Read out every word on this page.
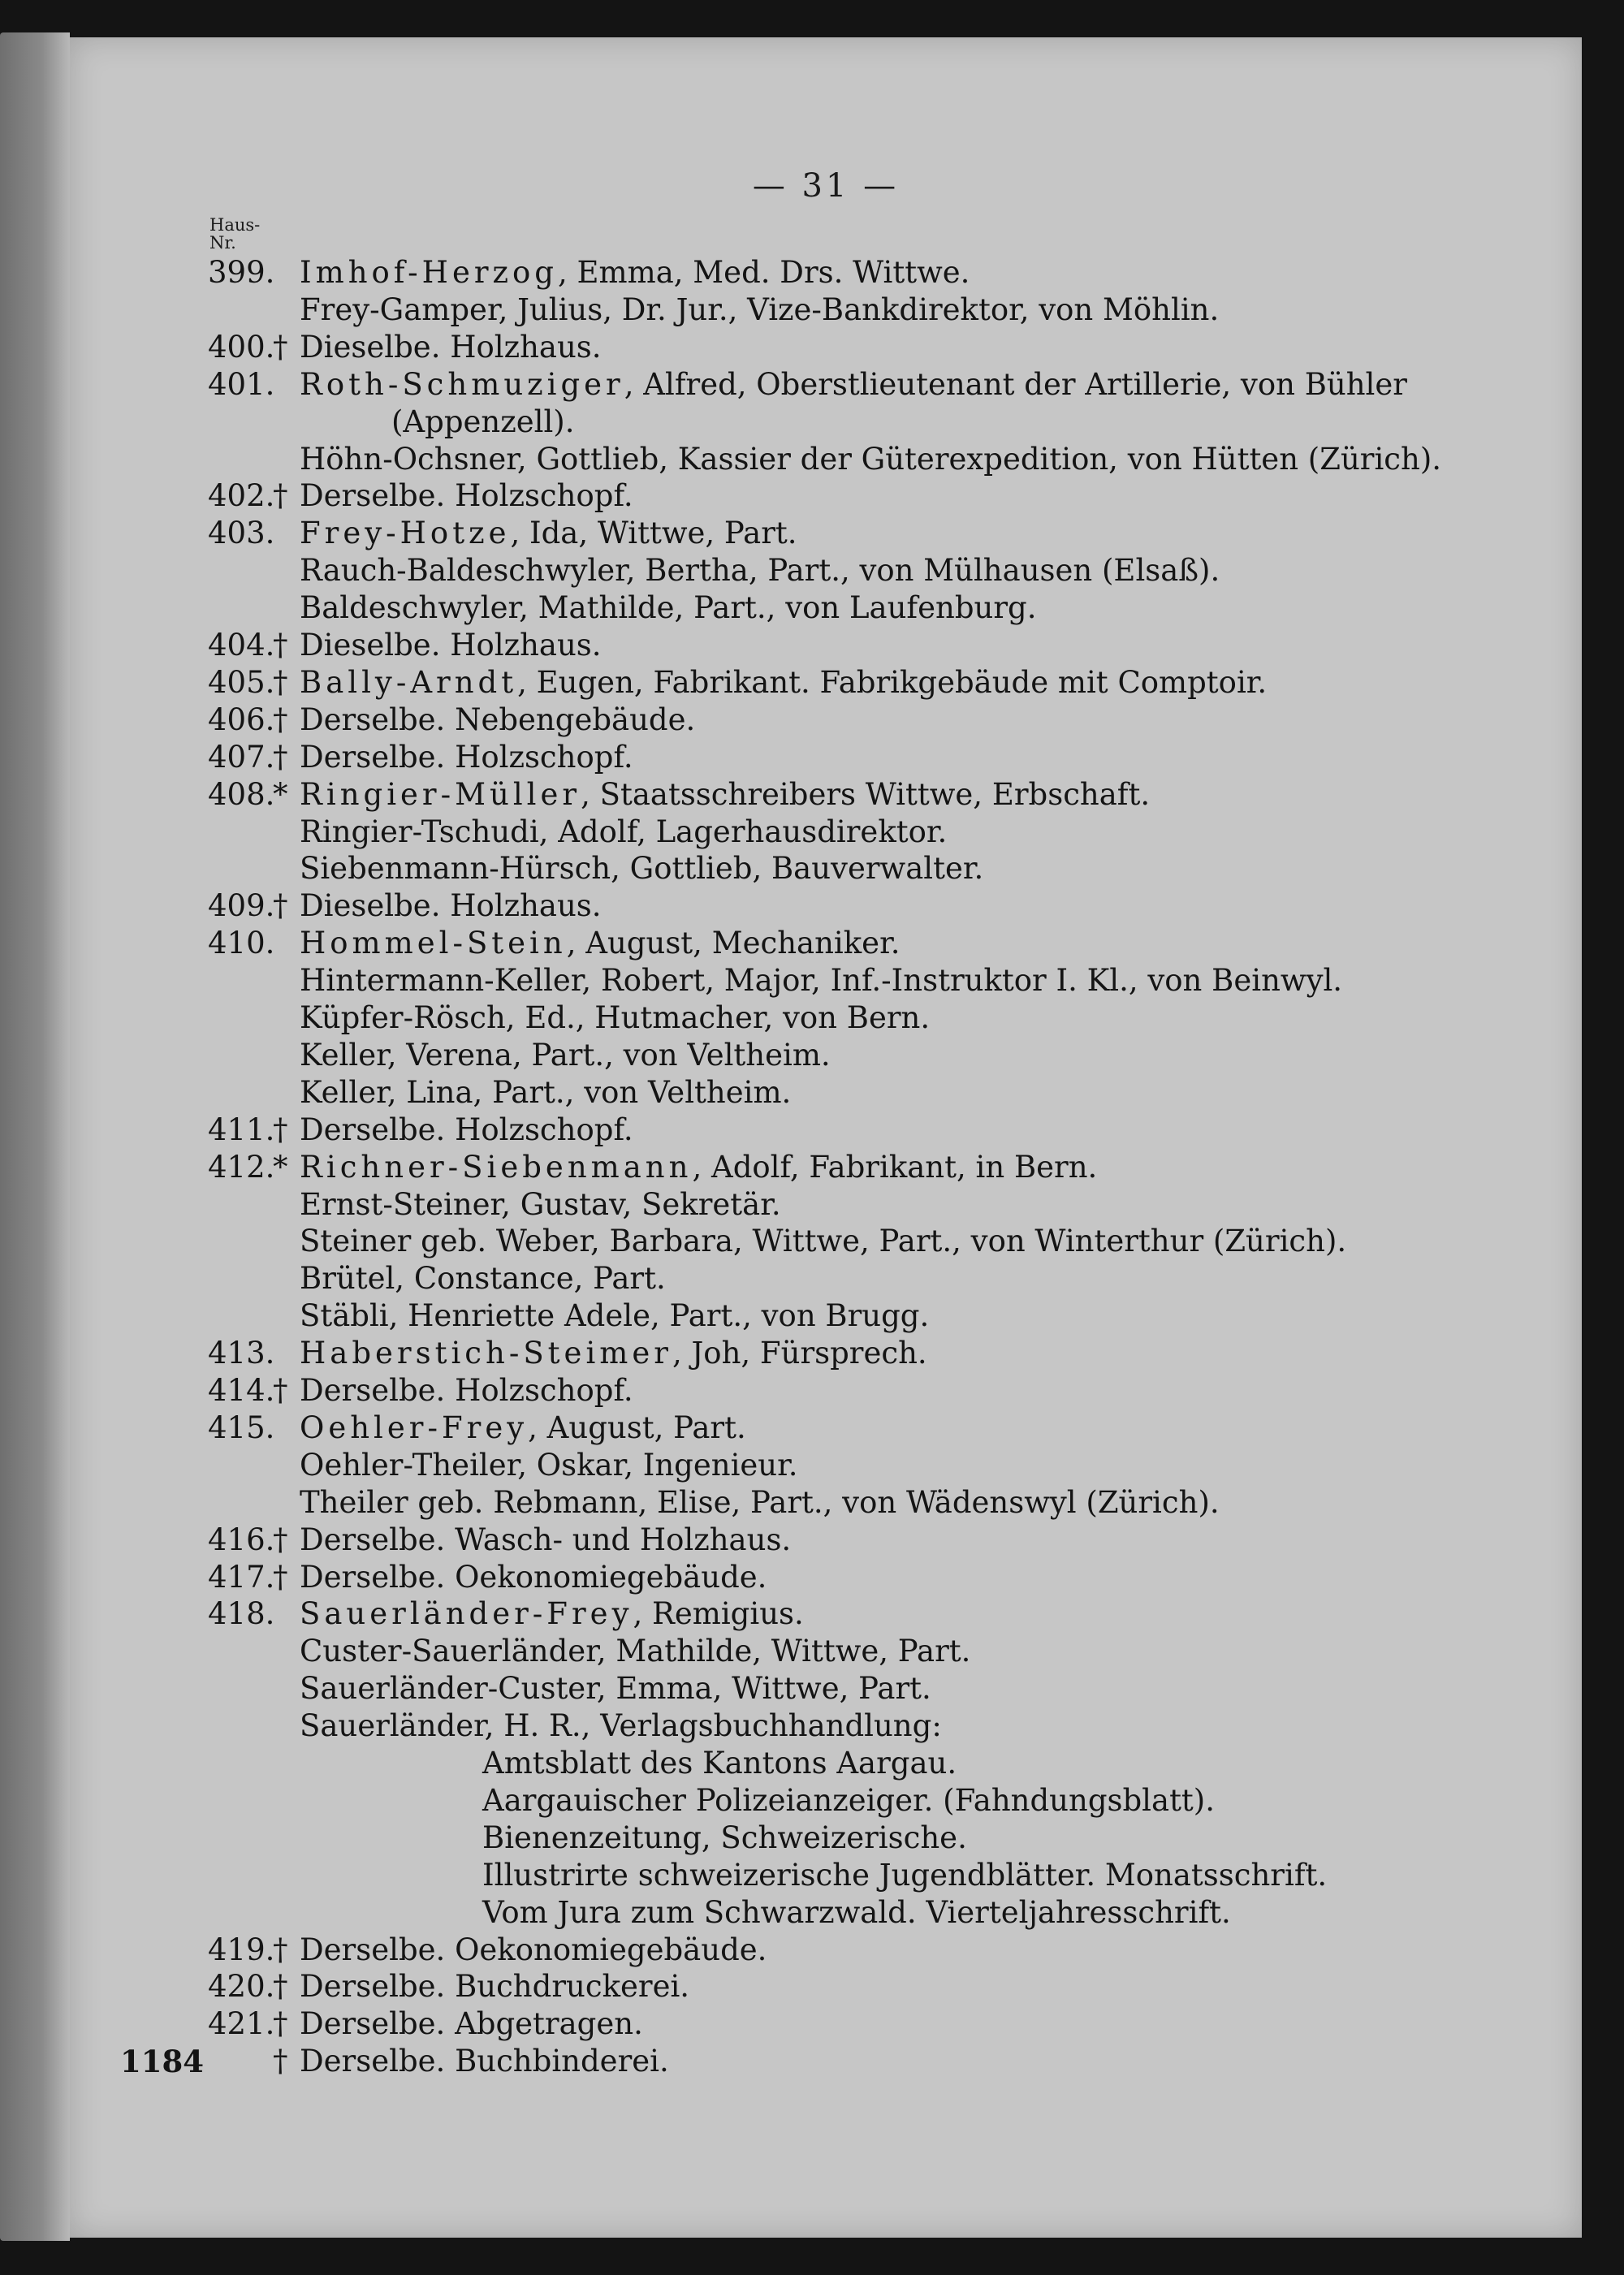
— 31 —
Haus-
Nr.
399. Imhof-Herzog, Emma, Med. Drs. Wittwe.
Frey-Gamper, Julius, Dr. Jur., Vize-Bankdirektor, von Möhlin.
400.
† Dieselbe. Holzhaus.
401. Roth-Schmuziger, Alfred, Oberstlieutenant der Artillerie, von Bühler
(Appenzell).
Höhn-Ochsner, Gottlieb, Kassier der Güterexpedition, von Hütten (Zürich).
402.
† Derselbe. Holzschopf.
403. Frey-Hotze, Ida, Wittwe, Part.
Rauch-Baldeschwyler, Bertha, Part., von Mülhausen (Elsaß).
Baldeschwyler, Mathilde, Part., von Laufenburg.
404.
† Dieselbe. Holzhaus.
405.
† Bally-Arndt, Eugen, Fabrikant. Fabrikgebäude mit Comptoir.
406.
† Derselbe. Nebengebäude.
407.
† Derselbe. Holzschopf.
408.
* Ringier-Müller, Staatsschreibers Wittwe, Erbschaft.
Ringier-Tschudi, Adolf, Lagerhausdirektor.
Siebenmann-Hürsch, Gottlieb, Bauverwalter.
409.
† Dieselbe. Holzhaus.
410. Hommel-Stein, August, Mechaniker.
Hintermann-Keller, Robert, Major, Inf.-Instruktor I. Kl., von Beinwyl.
Küpfer-Rösch, Ed., Hutmacher, von Bern.
Keller, Verena, Part., von Veltheim.
Keller, Lina, Part., von Veltheim.
411.
† Derselbe. Holzschopf.
412.
* Richner-Siebenmann, Adolf, Fabrikant, in Bern.
Ernst-Steiner, Gustav, Sekretär.
Steiner geb. Weber, Barbara, Wittwe, Part., von Winterthur (Zürich).
Brütel, Constance, Part.
Stäbli, Henriette Adele, Part., von Brugg.
413. Haberstich-Steimer, Joh, Fürsprech.
414.
† Derselbe. Holzschopf.
415. Oehler-Frey, August, Part.
Oehler-Theiler, Oskar, Ingenieur.
Theiler geb. Rebmann, Elise, Part., von Wädenswyl (Zürich).
416.
† Derselbe. Wasch- und Holzhaus.
417.
† Derselbe. Oekonomiegebäude.
418. Sauerländer-Frey, Remigius.
Custer-Sauerländer, Mathilde, Wittwe, Part.
Sauerländer-Custer, Emma, Wittwe, Part.
Sauerländer, H. R., Verlagsbuchhandlung:
Amtsblatt des Kantons Aargau.
Aargauischer Polizeianzeiger. (Fahndungsblatt).
Bienenzeitung, Schweizerische.
Illustrirte schweizerische Jugendblätter. Monatsschrift.
Vom Jura zum Schwarzwald. Vierteljahresschrift.
419.
† Derselbe. Oekonomiegebäude.
420.
† Derselbe. Buchdruckerei.
421.
† Derselbe. Abgetragen.
† Derselbe. Buchbinderei.
1184
